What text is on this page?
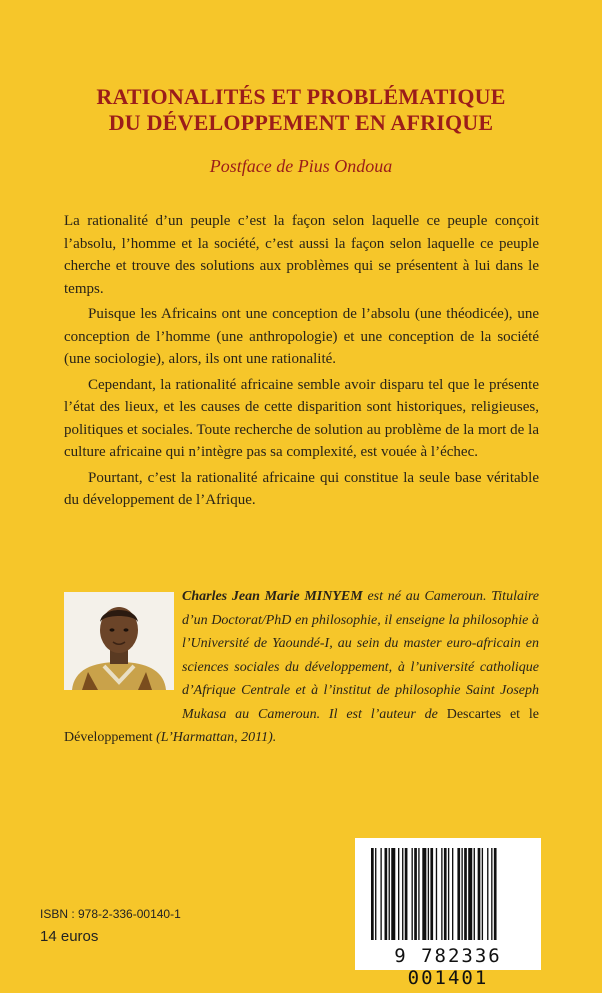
RATIONALITÉS ET PROBLÉMATIQUE
DU DÉVELOPPEMENT EN AFRIQUE
Postface de Pius Ondoua

La rationalité d’un peuple c’est la façon selon laquelle ce peuple conçoit l’absolu, l’homme et la société, c’est aussi la façon selon laquelle ce peuple cherche et trouve des solutions aux problèmes qui se présentent à lui dans le temps.

Puisque les Africains ont une conception de l’absolu (une théodicée), une conception de l’homme (une anthropologie) et une conception de la société (une sociologie), alors, ils ont une rationalité.

Cependant, la rationalité africaine semble avoir disparu tel que le présente l’état des lieux, et les causes de cette disparition sont historiques, religieuses, politiques et sociales. Toute recherche de solution au problème de la mort de la culture africaine qui n’intègre pas sa complexité, est vouée à l’échec.

Pourtant, c’est la rationalité africaine qui constitue la seule base véritable du développement de l’Afrique.

Charles Jean Marie MINYEM est né au Cameroun. Titulaire d’un Doctorat/PhD en philosophie, il enseigne la philosophie à l’Université de Yaoundé-I, au sein du master euro-africain en sciences sociales du développement, à l’université catholique d’Afrique Centrale et à l’institut de philosophie Saint Joseph Mukasa au Cameroun. Il est l’auteur de Descartes et le Développement (L’Harmattan, 2011).
ISBN : 978-2-336-00140-1
14 euros
9 782336 001401
